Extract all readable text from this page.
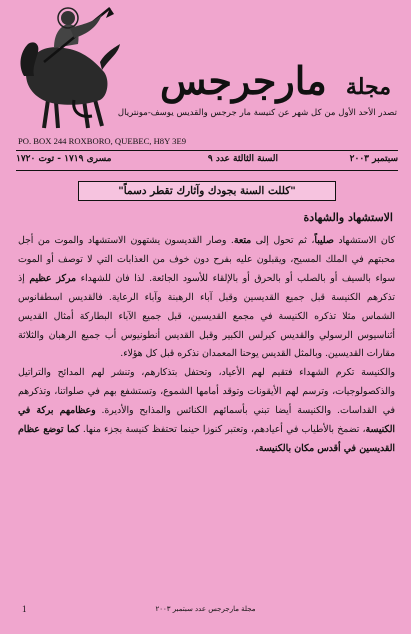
مجلة مارجرجس
تصدر الأحد الأول من كل شهر عن كنيسة مار جرجس والقديس يوسف-مونتريال
PO. BOX 244 ROXBORO, QUEBEC, H8Y 3E9
سبتمبر ٢٠٠٣
السنة الثالثة عدد ٩
مسرى ١٧١٩ - توت ١٧٢٠
"كللت السنة بجودك وآثارك تقطر دسماً"
الاستشهاد والشهادة

كان الاستشهاد صليباً، ثم تحول إلى متعة. وصار القديسون يشتهون الاستشهاد والموت من أجل محبتهم في الملك المسيح، ويقبلون عليه بفرح دون خوف من العذابات التي لا توصف أو الموت سواء بالسيف أو بالصلب أو بالحرق أو بالإلقاء للأسود الجائعة. لذا فان للشهداء مركز عظيم إذ تذكرهم الكنيسة قبل جميع القديسين وقبل آباء الرهبنة وآباء الرعاية. فالقديس اسطفانوس الشماس مثلا تذكره الكنيسة في مجمع القديسين، قبل جميع الآباء البطاركة أمثال القديس أثناسيوس الرسولي والقديس كيرلس الكبير وقبل القديس أنطونيوس أب جميع الرهبان والثلاثة مقارات القديسين. وبالمثل القديس يوحنا المعمدان نذكره قبل كل هؤلاء.

والكنيسة تكرم الشهداء فتقيم لهم الأعياد، وتحتفل بتذكارهم، وتنشر لهم المدائح والتراتيل والذكصولوجيات، وترسم لهم الأيقونات وتوقد أمامها الشموع، وتستشفع بهم في صلواتنا، وتذكرهم في القداسات. والكنيسة أيضا تبني بأسمائهم الكنائس والمذابح والأديرة. وعظامهم بركة في الكنيسة، تضمخ بالأطياب في أعيادهم، وتعتبر كنوزا حينما تحتفظ كنيسة بجزء منها. كما توضع عظام القديسين في أقدس مكان بالكنيسة.

1	مجلة مارجرجس عدد سبتمبر ٢٠٠٣
